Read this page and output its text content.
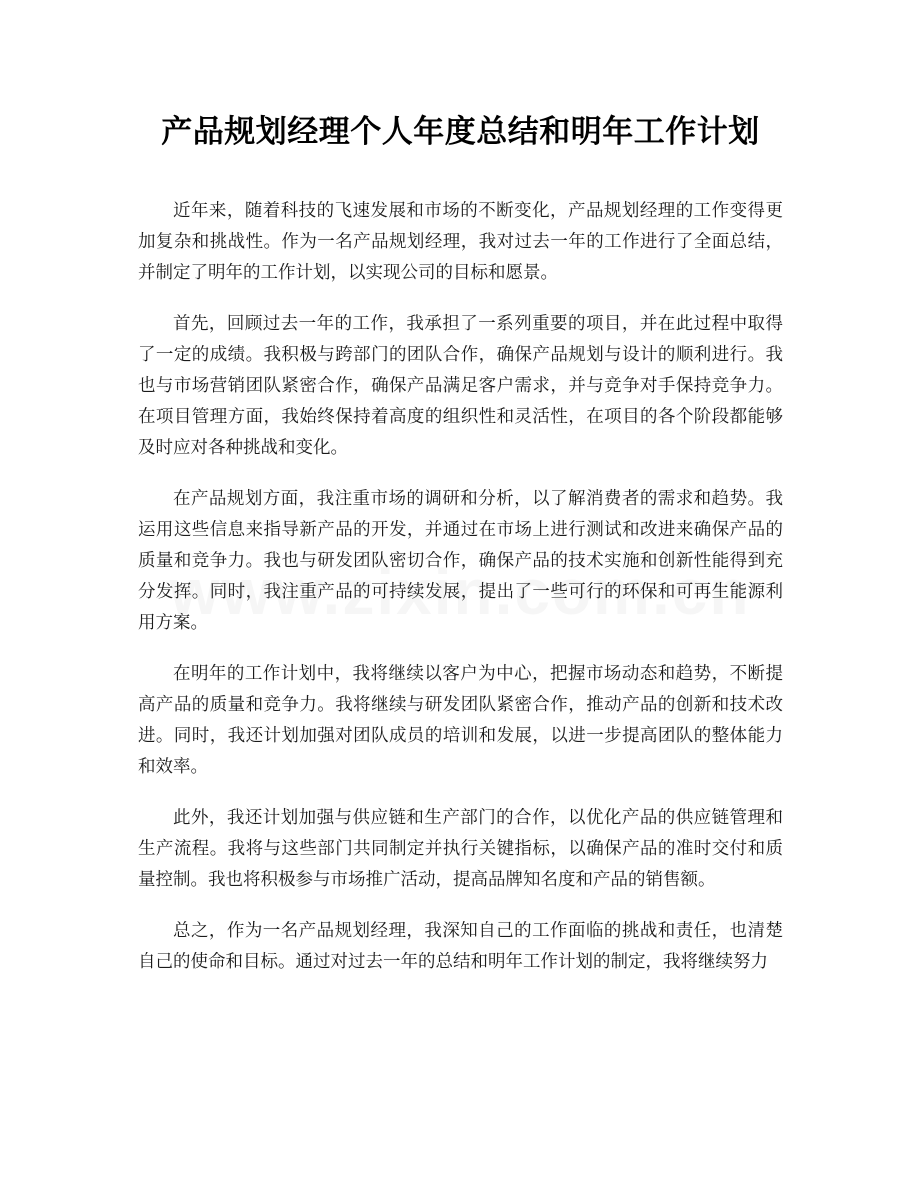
产品规划经理个人年度总结和明年工作计划

近年来，随着科技的飞速发展和市场的不断变化，产品规划经理的工作变得更加复杂和挑战性。作为一名产品规划经理，我对过去一年的工作进行了全面总结，并制定了明年的工作计划，以实现公司的目标和愿景。

首先，回顾过去一年的工作，我承担了一系列重要的项目，并在此过程中取得了一定的成绩。我积极与跨部门的团队合作，确保产品规划与设计的顺利进行。我也与市场营销团队紧密合作，确保产品满足客户需求，并与竞争对手保持竞争力。在项目管理方面，我始终保持着高度的组织性和灵活性，在项目的各个阶段都能够及时应对各种挑战和变化。

在产品规划方面，我注重市场的调研和分析，以了解消费者的需求和趋势。我运用这些信息来指导新产品的开发，并通过在市场上进行测试和改进来确保产品的质量和竞争力。我也与研发团队密切合作，确保产品的技术实施和创新性能得到充分发挥。同时，我注重产品的可持续发展，提出了一些可行的环保和可再生能源利用方案。

在明年的工作计划中，我将继续以客户为中心，把握市场动态和趋势，不断提高产品的质量和竞争力。我将继续与研发团队紧密合作，推动产品的创新和技术改进。同时，我还计划加强对团队成员的培训和发展，以进一步提高团队的整体能力和效率。

此外，我还计划加强与供应链和生产部门的合作，以优化产品的供应链管理和生产流程。我将与这些部门共同制定并执行关键指标，以确保产品的准时交付和质量控制。我也将积极参与市场推广活动，提高品牌知名度和产品的销售额。

总之，作为一名产品规划经理，我深知自己的工作面临的挑战和责任，也清楚自己的使命和目标。通过对过去一年的总结和明年工作计划的制定，我将继续努力
